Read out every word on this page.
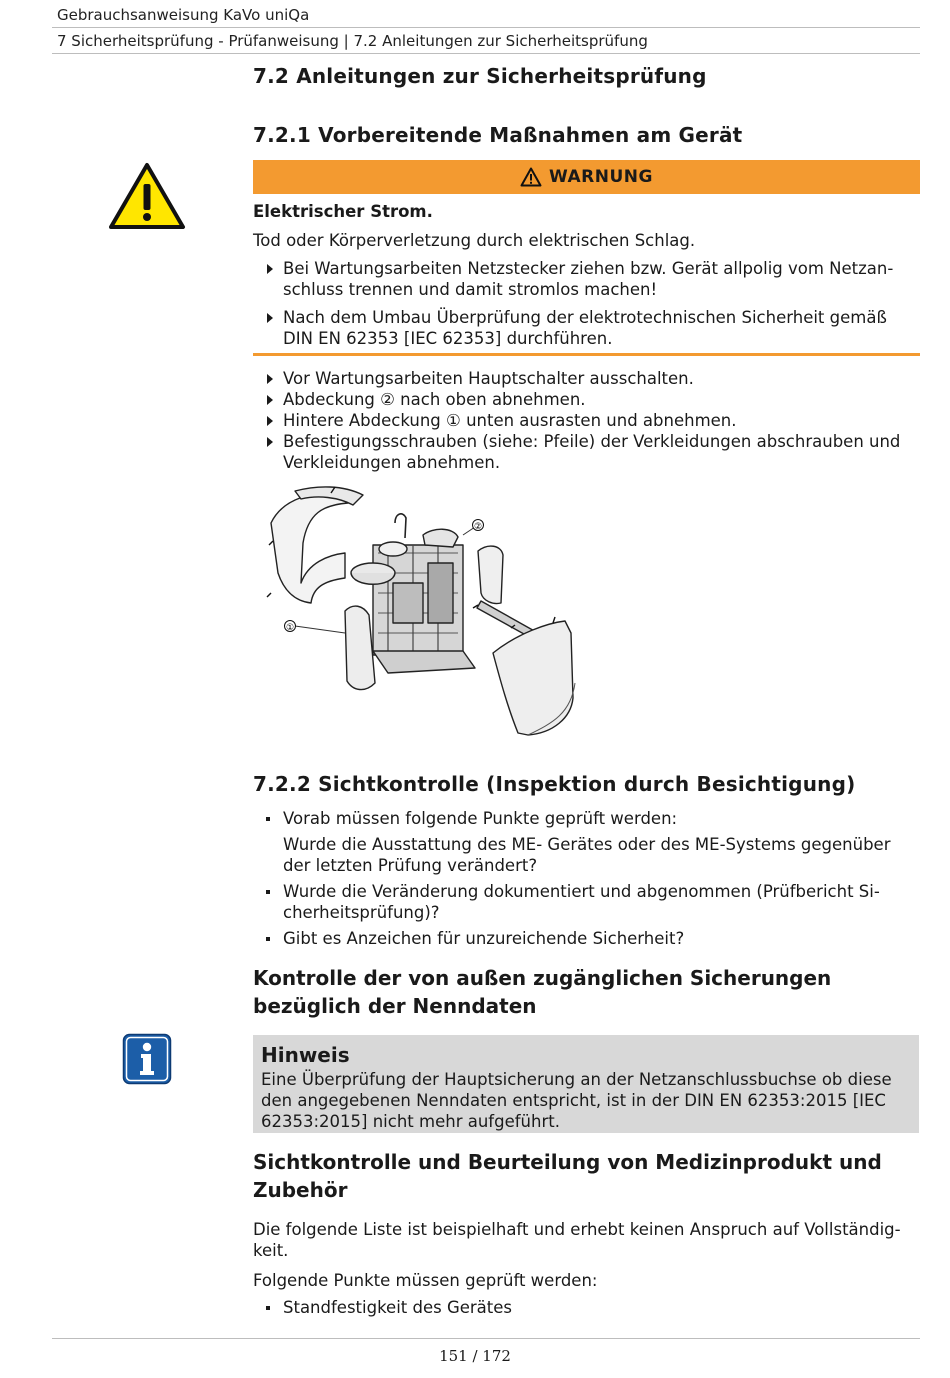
Gebrauchsanweisung KaVo uniQa
7 Sicherheitsprüfung - Prüfanweisung | 7.2 Anleitungen zur Sicherheitsprüfung
7.2 Anleitungen zur Sicherheitsprüfung
7.2.1 Vorbereitende Maßnahmen am Gerät
WARNUNG

Elektrischer Strom.

Tod oder Körperverletzung durch elektrischen Schlag.

Bei Wartungsarbeiten Netzstecker ziehen bzw. Gerät allpolig vom Netzanschluss trennen und damit stromlos machen!
Nach dem Umbau Überprüfung der elektrotechnischen Sicherheit gemäß DIN EN 62353 [IEC 62353] durchführen.
Vor Wartungsarbeiten Hauptschalter ausschalten.
Abdeckung ② nach oben abnehmen.
Hintere Abdeckung ① unten ausrasten und abnehmen.
Befestigungsschrauben (siehe: Pfeile) der Verkleidungen abschrauben und Verkleidungen abnehmen.
①
②
7.2.2 Sichtkontrolle (Inspektion durch Besichtigung)
Vorab müssen folgende Punkte geprüft werden:
Wurde die Ausstattung des ME- Gerätes oder des ME-Systems gegenüber der letzten Prüfung verändert?
Wurde die Veränderung dokumentiert und abgenommen (Prüfbericht Sicherheitsprüfung)?
Gibt es Anzeichen für unzureichende Sicherheit?
Kontrolle der von außen zugänglichen Sicherungen bezüglich der Nenndaten
Hinweis
Eine Überprüfung der Hauptsicherung an der Netzanschlussbuchse ob diese den angegebenen Nenndaten entspricht, ist in der DIN EN 62353:2015 [IEC 62353:2015] nicht mehr aufgeführt.
Sichtkontrolle und Beurteilung von Medizinprodukt und Zubehör

Die folgende Liste ist beispielhaft und erhebt keinen Anspruch auf Vollständigkeit.

Folgende Punkte müssen geprüft werden:

Standfestigkeit des Gerätes
151 / 172
